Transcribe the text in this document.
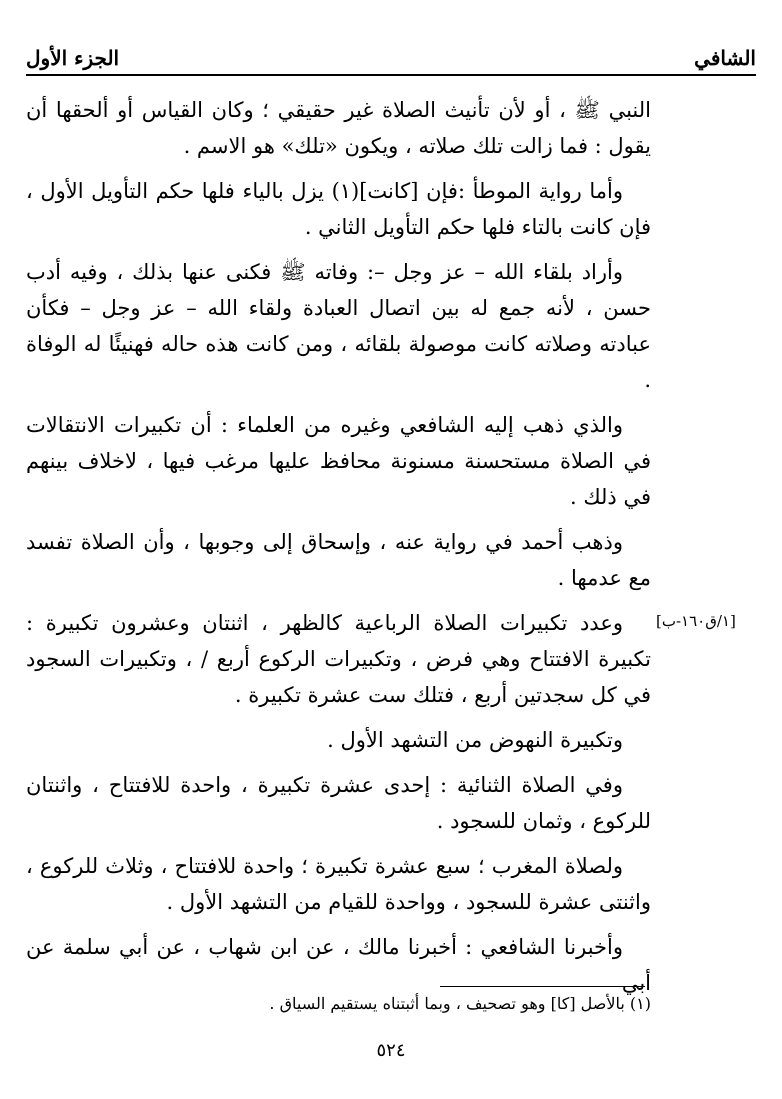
الجزء الأول	الشافي

النبي ﷺ ، أو لأن تأنيث الصلاة غير حقيقي ؛ وكان القياس أو ألحقها أن يقول : فما زالت تلك صلاته ، ويكون «تلك» هو الاسم .

وأما رواية الموطأ :فإن [كانت](١) يزل بالياء فلها حكم التأويل الأول ، فإن كانت بالتاء فلها حكم التأويل الثاني .

وأراد بلقاء الله – عز وجل –: وفاته ﷺ فكنى عنها بذلك ، وفيه أدب حسن ، لأنه جمع له بين اتصال العبادة ولقاء الله – عز وجل – فكأن عبادته وصلاته كانت موصولة بلقائه ، ومن كانت هذه حاله فهنيئًا له الوفاة .

والذي ذهب إليه الشافعي وغيره من العلماء : أن تكبيرات الانتقالات في الصلاة مستحسنة مسنونة محافظ عليها مرغب فيها ، لاخلاف بينهم في ذلك .

وذهب أحمد في رواية عنه ، وإسحاق إلى وجوبها ، وأن الصلاة تفسد مع عدمها .

وعدد تكبيرات الصلاة الرباعية كالظهر ، اثنتان وعشرون تكبيرة : تكبيرة الافتتاح وهي فرض ، وتكبيرات الركوع أربع / ، وتكبيرات السجود في كل سجدتين أربع ، فتلك ست عشرة تكبيرة .

وتكبيرة النهوض من التشهد الأول .

وفي الصلاة الثنائية : إحدى عشرة تكبيرة ، واحدة للافتتاح ، واثنتان للركوع ، وثمان للسجود .

ولصلاة المغرب ؛ سبع عشرة تكبيرة ؛ واحدة للافتتاح ، وثلاث للركوع ، واثنتى عشرة للسجود ، وواحدة للقيام من التشهد الأول .

وأخبرنا الشافعي : أخبرنا مالك ، عن ابن شهاب ، عن أبي سلمة عن أبي

[١/ق١٦٠-ب]
(١) بالأصل [كا] وهو تصحيف ، وبما أثبتناه يستقيم السياق .
٥٢٤
